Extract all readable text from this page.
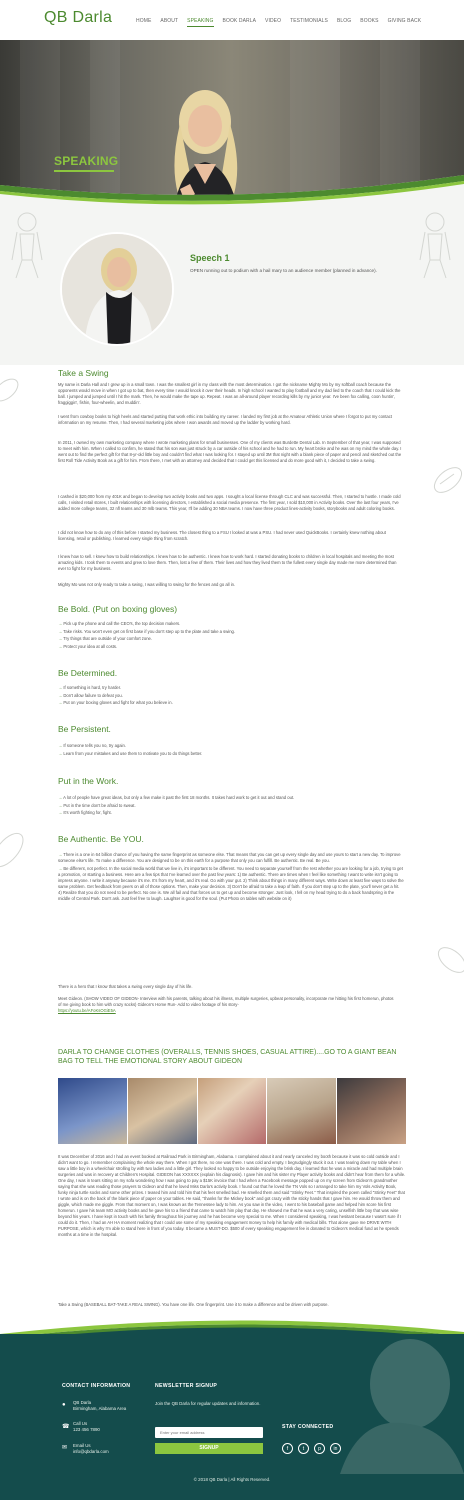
QB Darla	HOME ABOUT SPEAKING BOOK DARLA VIDEO TESTIMONIALS BLOG BOOKS GIVING BACK
SPEAKING
Speech 1
OPEN running out to podium with a hail mary to an audience member (planned in advance).
Take a Swing
My name is Darla Hall and I grew up in a small town. I was the smallest girl in my class with the most determination. I got the nickname Mighty Mo by my softball coach because the opponents would move in when I got up to bat, then every time I would knock it over their heads. In high school I wanted to play football and my dad lied to the coach that I could kick the ball. I jumped and jumped until I hit the mark. Then, he would make the tape up. Repeat. I was an all-around player recording kills by my junior year. I've been fox calling, coon huntin', fraggiggin', fishin, four-wheelin, and muddin'.
I went from cowboy books to high heels and started putting that work ethic into building my career. I landed my first job at the Amateur Athletic Union where I forgot to put my contact information on my resume. Then, I had several marketing jobs where I won awards and moved up the ladder by working hard.
In 2011, I owned my own marketing company where I wrote marketing plans for small businesses. One of my clients was Burdette Dental Lab. In September of that year, I was supposed to meet with him. When I called to confirm, he stated that his son was just struck by a car outside of his school and he had to run. My heart broke and he was on my mind the whole day. I went out to find the perfect gift for that 8-yr-old little boy and couldn't find what I was looking for. I stayed up until 3M that night with a blank piece of paper and pencil and sketched out the first Roll Tide Activity Book as a gift for him. From there, I met with an attorney and decided that I could get this licensed and do more good with it, I decided to take a swing.
I cashed in $20,000 from my 401K and began to develop two activity books and two apps. I sought a local license through CLC and was successful. Then, I started to hustle. I made cold calls, I visited retail stores, I built relationships with licensing directors, I established a social media presence. The first year, I sold $10,000 in Activity books. Over the last four years, I've added more college teams, 32 nfl teams and 30 mlb teams. This year, I'll be adding 30 NBA teams. I now have three product lines-activity books, storybooks and adult coloring books.
I did not know how to do any of this before I started my business. The closest thing to a FSU I looked at was a PSU. I had never used QuickBooks. I certainly knew nothing about licensing, retail or publishing. I learned every single thing from scratch.
I knew how to sell. I knew how to build relationships. I knew how to be authentic. I knew how to work hard. I started donating books to children in local hospitals and meeting the most amazing kids. I took them to events and grew to love them. Then, lost a few of them. Their lives and how they lived them to the fullest every single day made me more determined than ever to fight for my business.
Mighty Mo was not only ready to take a swing, I was willing to swing for the fences and go all in.
Be Bold. (Put on boxing gloves)
→ Pick up the phone and call the CEO's, the top decision makers.
→ Take risks. You won't even get on first base if you don't step up to the plate and take a swing.
→ Try things that are outside of your comfort zone.
→ Protect your idea at all costs.
Be Determined.
→ If something is hard, try harder.
→ Don't allow failure to defeat you.
→ Put on your boxing gloves and fight for what you believe in.
Be Persistent.
→ If someone tells you no, try again.
→ Learn from your mistakes and use them to motivate you to do things better.
Put in the Work.
→ A lot of people have great ideas, but only a few make it past the first 18 months. It takes hard work to get it out and stand out.
→ Put in the time don't be afraid to sweat.
→ It's worth fighting for, fight.
Be Authentic. Be YOU.
→ There is a one in 64 billion chance of you having the same fingerprint as someone else. That means that you can get up every single day and use yours to start a new day. To improve someone else's life. To make a difference. You are designed to be on this earth for a purpose that only you can fulfill. Be authentic. Be real. Be you.
→ Be different, not perfect. In the social media world that we live in, it's important to be different. You need to separate yourself from the rest whether you are looking for a job, trying to get a promotion, or starting a business. Here are a few tips that I've learned over the past few years: 1) Be authentic. There are times when I feel like something I want to write isn't going to impress anyone. I write it anyway because it's me. It's from my heart, and it's real. Go with your gut. 2) Think about things in many different ways. Write down at least five ways to solve the same problem. Get feedback from peers on all of those options. Then, make your decision. 3) Don't be afraid to take a leap of faith. If you don't step up to the plate, you'll never get a hit. 4) Realize that you do not need to be perfect. No one is. We all fail and that forces us to get up and become stronger. Just look, I fell on my head trying to do a back handspring in the middle of Central Park. Don't ask. Just feel free to laugh. Laughter is good for the soul. (Put Photo on tables with website on it)
There is a hero that I know that takes a swing every single day of his life.
Meet Gideon. (SHOW VIDEO OF GIDEON- Interview with his parents, talking about his illness, multiple surgeries, upbeat personality, incorporate me hitting his first homerun, photos of me giving book to him with crazy socks) Gideon's Home Run- Add to video footage of his story-
https://youtu.be/AFoKsOGiE5A
DARLA TO CHANGE CLOTHES (OVERALLS, TENNIS SHOES, CASUAL ATTIRE)....GO TO A GIANT BEAN BAG TO TELL THE EMOTIONAL STORY ABOUT GIDEON
It was December of 2016 and I had an event booked at Railroad Park in Birmingham, Alabama. I complained about it and nearly canceled my booth because it was so cold outside and I didn't want to go. I remember complaining the whole way there. When I got there, no one was there. I was cold and empty. I begrudgingly stuck it out. I was tearing down my table when I saw a little boy in a wheelchair strolling by with two ladies and a little girl. They looked so happy to be outside enjoying the brisk day. I learned that he was a miracle and had multiple brain surgeries and was in recovery at Children's Hospital. GIDEON has XXXXXX (explain his diagnosis). I gave him and his sister my Player activity books and didn't hear from them for a while. One day, I was in tears sitting on my sofa wondering how I was going to pay a $15K invoice that I had when a Facebook message popped up on my screen from Gideon's grandmother saying that she was reading those prayers to Gideon and that he loved Miss Darla's activity book. I found out that he loved the TN Vols so I arranged to take him my Vols Activity Book, funky ninja turtle socks and some other prizes. I teased him and told him that his feet smelled bad. He smelled them and said "Stinky Feet." That inspired the poem called "Stinky Feet" that I wrote and is on the back of the blank piece of paper on your tables. He said, "thanks for the Mickey book" and got crazy with the sticky hands that I gave him. He would throw them and giggle, which made me giggle. From that moment on, I was known as the Tennessee lady to him. As you saw in the video, I went to his baseball game and helped him score his first homerun. I gave his team MO activity books and he gave his to a friend that came to watch him play that day. He showed me that he was a very caring, unselfish little boy that was wise beyond his years. I have kept in touch with his family throughout his journey and he has become very special to me. When I considered speaking, I was hesitant because I wasn't sure if I could do it. Then, I had an AH HA moment realizing that I could use some of my speaking engagement money to help his family with medical bills. That alone gave me DRIVE WITH PURPOSE, which is why I'm able to stand here in front of you today. It became a MUST-DO. $500 of every speaking engagement fee is donated to Gideon's medical fund as he spends months at a time in the hospital.
Take a Swing (BASEBALL BAT-TAKE A REAL SWING). You have one life. One fingerprint. Use it to make a difference and be driven with purpose.
CONTACT INFORMATION
●	QB Darla
Birmingham, Alabama Area
☎
Call Us
123 456 7890
✉ Email Us
info@qbdarla.com
NEWSLETTER SIGNUP
Join the QB Darla for regular updates and information.
Enter your email address
SIGNUP
STAY CONNECTED
f	t	p	in
© 2018 QB Darla | All Rights Reserved.
